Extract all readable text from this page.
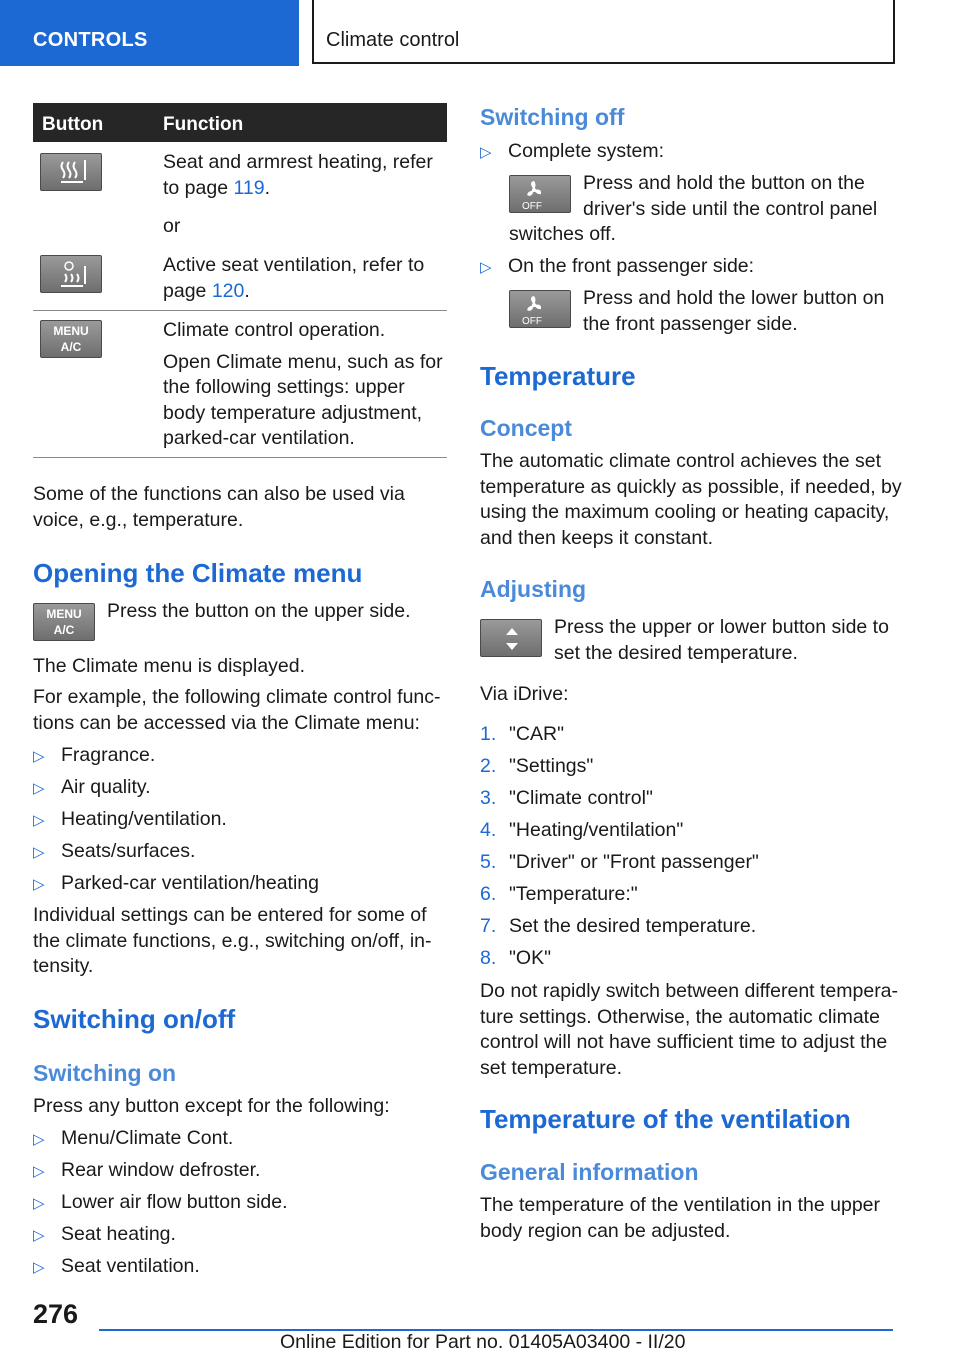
CONTROLS	Climate control
Button	Function
Seat and armrest heating, refer
to page 119.
or
Active seat ventilation, refer to
page 120.
MENU
A/C
Climate control operation.
Open Climate menu, such as for
the following settings: upper
body temperature adjustment,
parked-car ventilation.
Some of the functions can also be used via
voice, e.g., temperature.
Opening the Climate menu
MENU
A/C
Press the button on the upper side.
The Climate menu is displayed.
For example, the following climate control func-
tions can be accessed via the Climate menu:
▷ Fragrance.
▷ Air quality.
▷ Heating/ventilation.
▷ Seats/surfaces.
▷ Parked-car ventilation/heating
Individual settings can be entered for some of
the climate functions, e.g., switching on/off, in-
tensity.
Switching on/off
Switching on
Press any button except for the following:
▷ Menu/Climate Cont.
▷ Rear window defroster.
▷ Lower air flow button side.
▷ Seat heating.
▷ Seat ventilation.
Switching off
▷ Complete system:
OFF
Press and hold the button on the
driver's side until the control panel
switches off.
▷ On the front passenger side:
OFF
Press and hold the lower button on
the front passenger side.
Temperature
Concept
The automatic climate control achieves the set
temperature as quickly as possible, if needed, by
using the maximum cooling or heating capacity,
and then keeps it constant.
Adjusting
Press the upper or lower button side to
set the desired temperature.
Via iDrive:
1. "CAR"
2. "Settings"
3. "Climate control"
4. "Heating/ventilation"
5. "Driver" or "Front passenger"
6. "Temperature:"
7. Set the desired temperature.
8. "OK"
Do not rapidly switch between different tempera-
ture settings. Otherwise, the automatic climate
control will not have sufficient time to adjust the
set temperature.
Temperature of the ventilation
General information
The temperature of the ventilation in the upper
body region can be adjusted.
276
Online Edition for Part no. 01405A03400 - II/20
